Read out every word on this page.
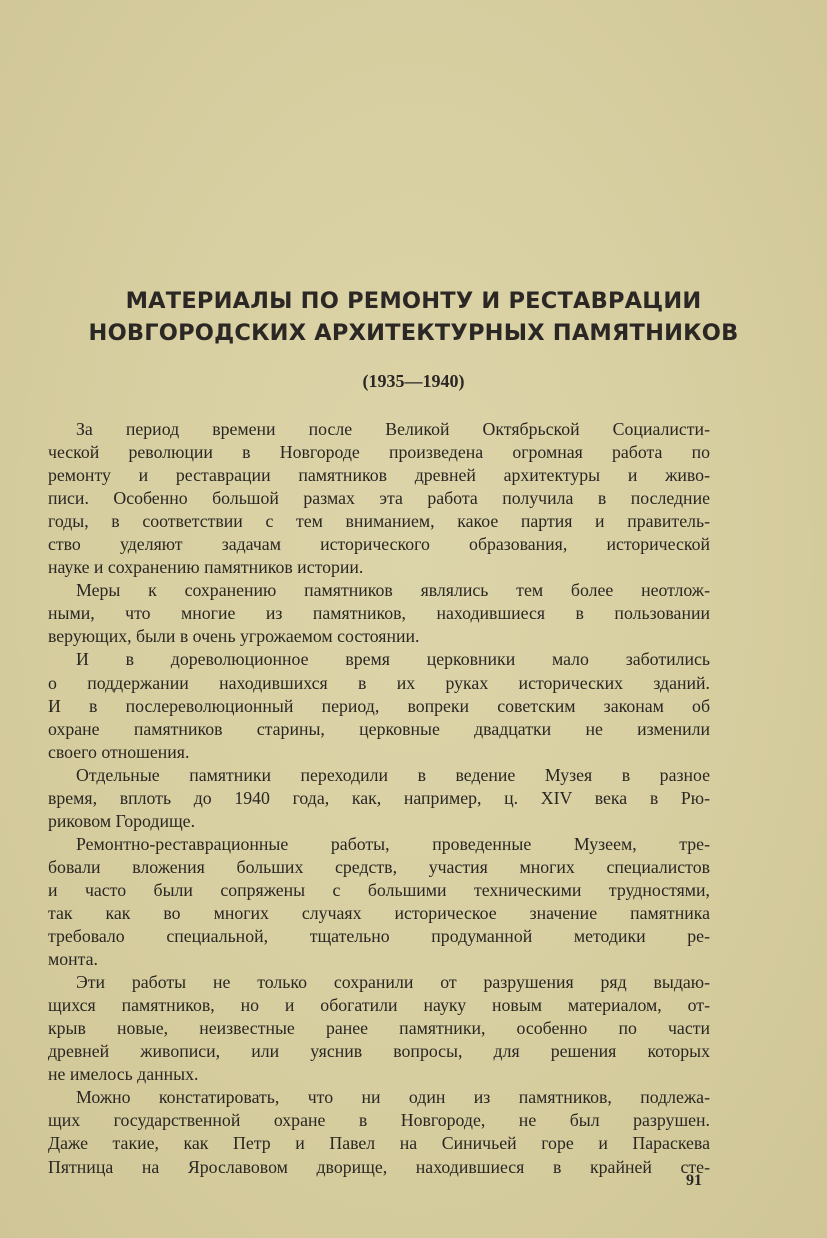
МАТЕРИАЛЫ ПО РЕМОНТУ И РЕСТАВРАЦИИ
НОВГОРОДСКИХ АРХИТЕКТУРНЫХ ПАМЯТНИКОВ
(1935—1940)
За период времени после Великой Октябрьской Социалисти-
ческой революции в Новгороде произведена огромная работа по
ремонту и реставрации памятников древней архитектуры и живо-
писи. Особенно большой размах эта работа получила в последние
годы, в соответствии с тем вниманием, какое партия и правитель-
ство уделяют задачам исторического образования, исторической
науке и сохранению памятников истории.
Меры к сохранению памятников являлись тем более неотлож-
ными, что многие из памятников, находившиеся в пользовании
верующих, были в очень угрожаемом состоянии.
И в дореволюционное время церковники мало заботились
о поддержании находившихся в их руках исторических зданий.
И в послереволюционный период, вопреки советским законам об
охране памятников старины, церковные двадцатки не изменили
своего отношения.
Отдельные памятники переходили в ведение Музея в разное
время, вплоть до 1940 года, как, например, ц. XIV века в Рю-
риковом Городище.
Ремонтно-реставрационные работы, проведенные Музеем, тре-
бовали вложения больших средств, участия многих специалистов
и часто были сопряжены с большими техническими трудностями,
так как во многих случаях историческое значение памятника
требовало специальной, тщательно продуманной методики ре-
монта.
Эти работы не только сохранили от разрушения ряд выдаю-
щихся памятников, но и обогатили науку новым материалом, от-
крыв новые, неизвестные ранее памятники, особенно по части
древней живописи, или уяснив вопросы, для решения которых
не имелось данных.
Можно констатировать, что ни один из памятников, подлежа-
щих государственной охране в Новгороде, не был разрушен.
Даже такие, как Петр и Павел на Синичьей горе и Параскева
Пятница на Ярославовом дворище, находившиеся в крайней сте-
91
